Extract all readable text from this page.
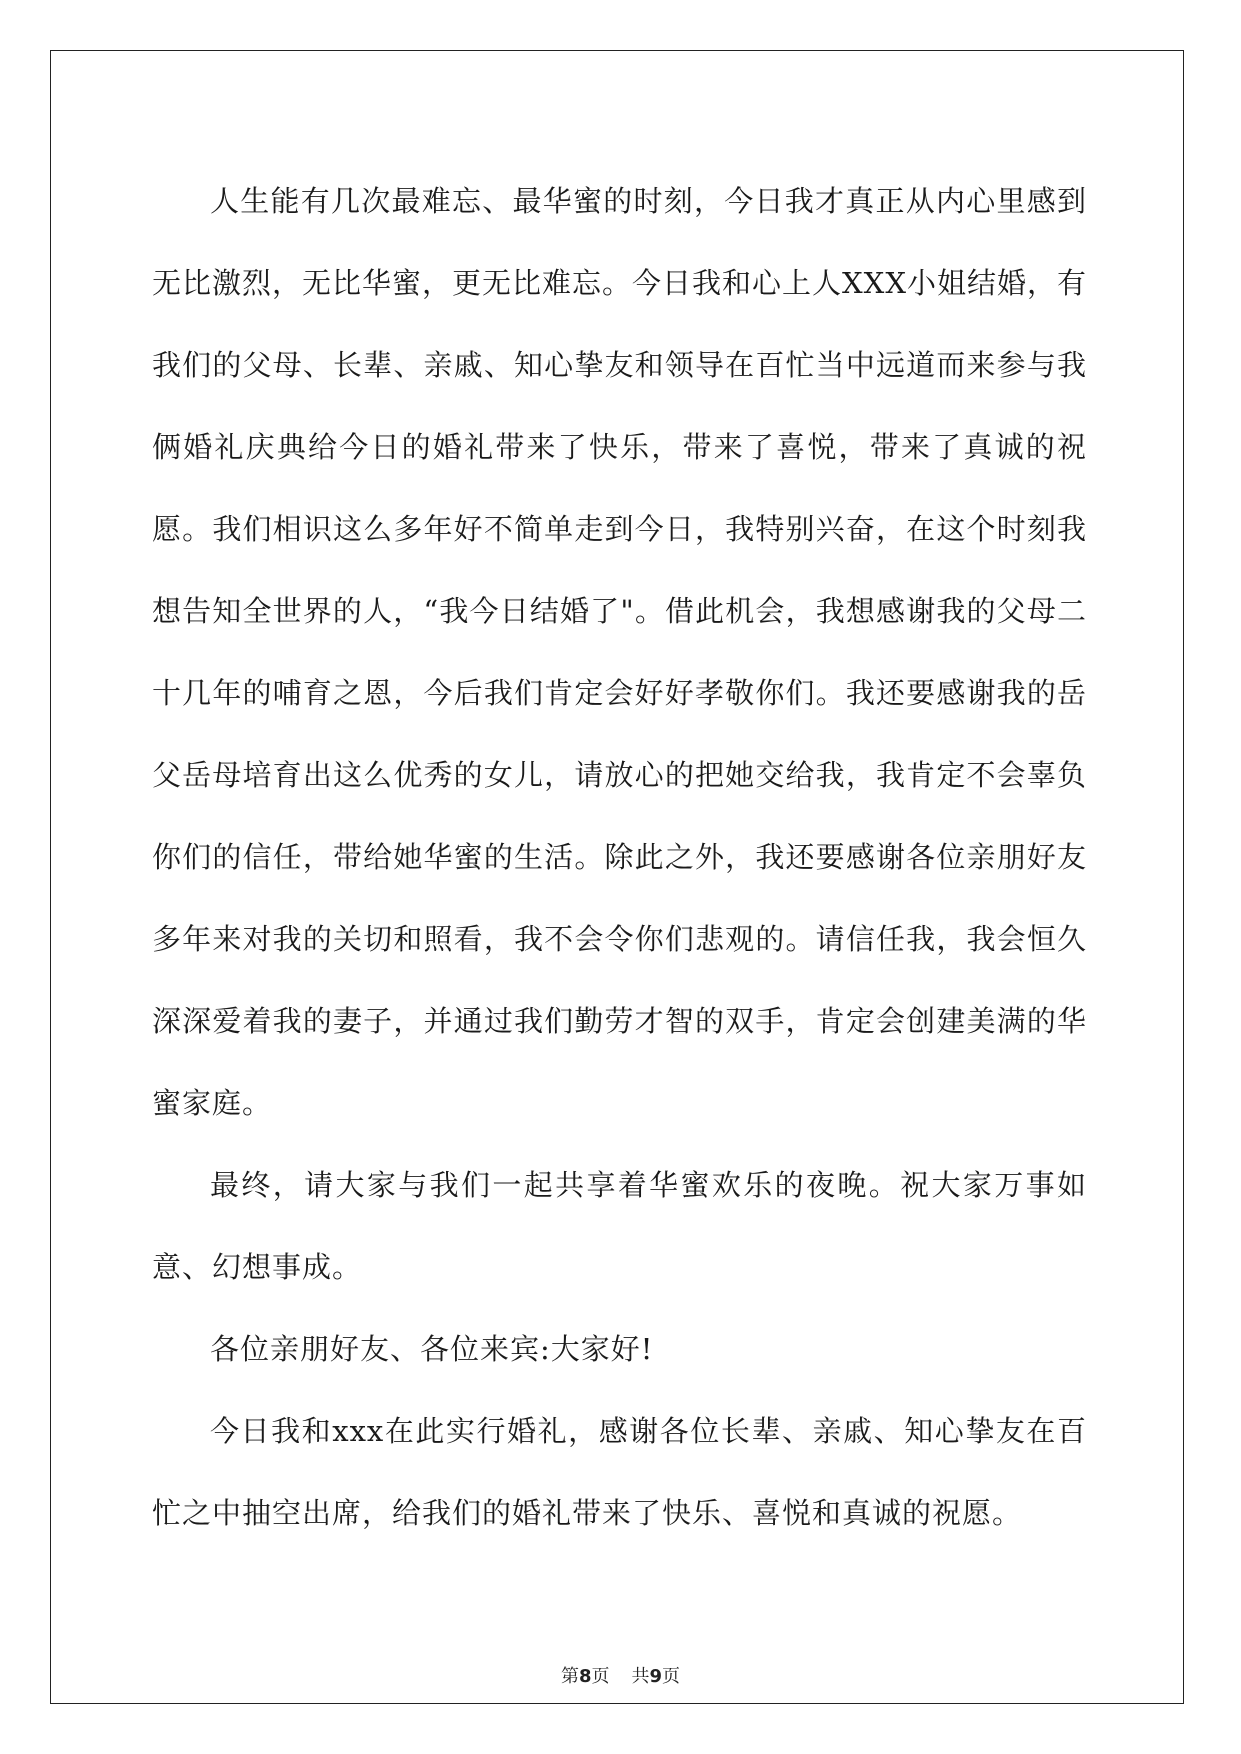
人生能有几次最难忘、最华蜜的时刻，今日我才真正从内心里感到无比激烈，无比华蜜，更无比难忘。今日我和心上人XXX小姐结婚，有我们的父母、长辈、亲戚、知心挚友和领导在百忙当中远道而来参与我俩婚礼庆典给今日的婚礼带来了快乐，带来了喜悦，带来了真诚的祝愿。我们相识这么多年好不简单走到今日，我特别兴奋，在这个时刻我想告知全世界的人，“我今日结婚了"。借此机会，我想感谢我的父母二十几年的哺育之恩，今后我们肯定会好好孝敬你们。我还要感谢我的岳父岳母培育出这么优秀的女儿，请放心的把她交给我，我肯定不会辜负你们的信任，带给她华蜜的生活。除此之外，我还要感谢各位亲朋好友多年来对我的关切和照看，我不会令你们悲观的。请信任我，我会恒久深深爱着我的妻子，并通过我们勤劳才智的双手，肯定会创建美满的华蜜家庭。

最终，请大家与我们一起共享着华蜜欢乐的夜晚。祝大家万事如意、幻想事成。

各位亲朋好友、各位来宾:大家好!

今日我和xxx在此实行婚礼，感谢各位长辈、亲戚、知心挚友在百忙之中抽空出席，给我们的婚礼带来了快乐、喜悦和真诚的祝愿。

第8页 共9页
